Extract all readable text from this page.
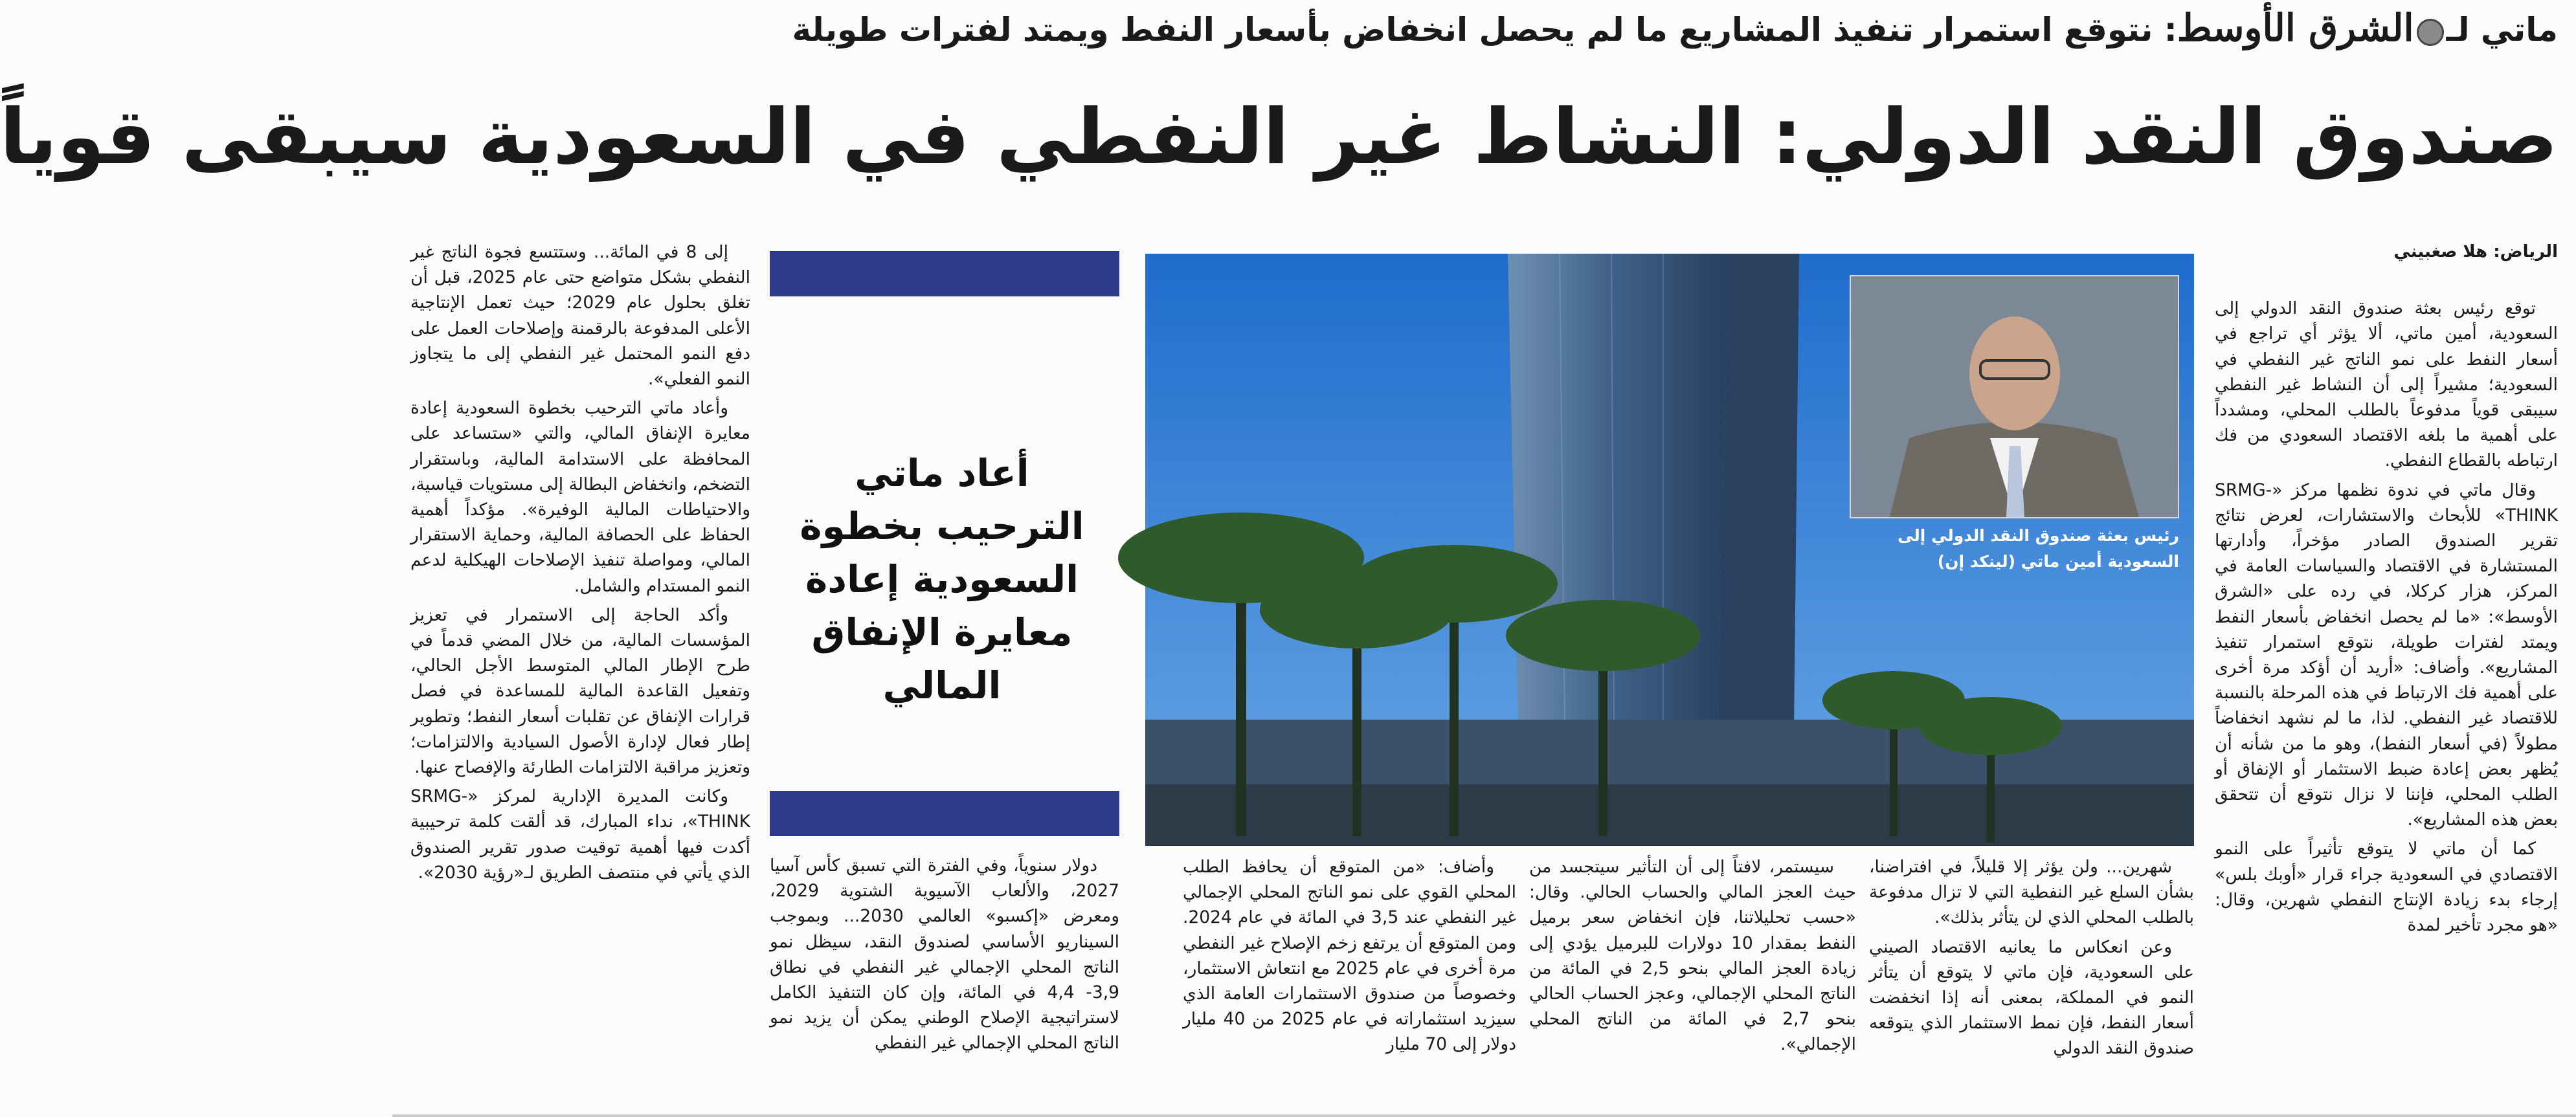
ماتي لـالشرق الأوسط: نتوقع استمرار تنفيذ المشاريع ما لم يحصل انخفاض بأسعار النفط ويمتد لفترات طويلة
صندوق النقد الدولي: النشاط غير النفطي في السعودية سيبقى قوياً
الرياض: هلا صغبيني

توقع رئيس بعثة صندوق النقد الدولي إلى السعودية، أمين ماتي، ألا يؤثر أي تراجع في أسعار النفط على نمو الناتج غير النفطي في السعودية؛ مشيراً إلى أن النشاط غير النفطي سيبقى قوياً مدفوعاً بالطلب المحلي، ومشدداً على أهمية ما بلغه الاقتصاد السعودي من فك ارتباطه بالقطاع النفطي.

وقال ماتي في ندوة نظمها مركز «SRMG-THINK» للأبحاث والاستشارات، لعرض نتائج تقرير الصندوق الصادر مؤخراً، وأدارتها المستشارة في الاقتصاد والسياسات العامة في المركز، هزار كركلا، في رده على «الشرق الأوسط»: «ما لم يحصل انخفاض بأسعار النفط ويمتد لفترات طويلة، نتوقع استمرار تنفيذ المشاريع». وأضاف: «أريد أن أؤكد مرة أخرى على أهمية فك الارتباط في هذه المرحلة بالنسبة للاقتصاد غير النفطي. لذا، ما لم نشهد انخفاضاً مطولاً (في أسعار النفط)، وهو ما من شأنه أن يُظهر بعض إعادة ضبط الاستثمار أو الإنفاق أو الطلب المحلي، فإننا لا نزال نتوقع أن تتحقق بعض هذه المشاريع».

كما أن ماتي لا يتوقع تأثيراً على النمو الاقتصادي في السعودية جراء قرار «أوبك بلس» إرجاء بدء زيادة الإنتاج النفطي شهرين، وقال: «هو مجرد تأخير لمدة

رئيس بعثة صندوق النقد الدولي إلى السعودية أمين ماتي (لينكد إن)

شهرين... ولن يؤثر إلا قليلاً، في افتراضنا، بشأن السلع غير النفطية التي لا تزال مدفوعة بالطلب المحلي الذي لن يتأثر بذلك».

وعن انعكاس ما يعانيه الاقتصاد الصيني على السعودية، فإن ماتي لا يتوقع أن يتأثر النمو في المملكة، بمعنى أنه إذا انخفضت أسعار النفط، فإن نمط الاستثمار الذي يتوقعه صندوق النقد الدولي

سيستمر، لافتاً إلى أن التأثير سيتجسد من حيث العجز المالي والحساب الحالي. وقال: «حسب تحليلاتنا، فإن انخفاض سعر برميل النفط بمقدار 10 دولارات للبرميل يؤدي إلى زيادة العجز المالي بنحو 2,5 في المائة من الناتج المحلي الإجمالي، وعجز الحساب الحالي بنحو 2,7 في المائة من الناتج المحلي الإجمالي».

وأضاف: «من المتوقع أن يحافظ الطلب المحلي القوي على نمو الناتج المحلي الإجمالي غير النفطي عند 3,5 في المائة في عام 2024. ومن المتوقع أن يرتفع زخم الإصلاح غير النفطي مرة أخرى في عام 2025 مع انتعاش الاستثمار، وخصوصاً من صندوق الاستثمارات العامة الذي سيزيد استثماراته في عام 2025 من 40 مليار دولار إلى 70 مليار

أعاد ماتي الترحيب بخطوة السعودية إعادة معايرة الإنفاق المالي

دولار سنوياً، وفي الفترة التي تسبق كأس آسيا 2027، والألعاب الآسيوية الشتوية 2029، ومعرض «إكسبو» العالمي 2030... وبموجب السيناريو الأساسي لصندوق النقد، سيظل نمو الناتج المحلي الإجمالي غير النفطي في نطاق 3,9- 4,4 في المائة، وإن كان التنفيذ الكامل لاستراتيجية الإصلاح الوطني يمكن أن يزيد نمو الناتج المحلي الإجمالي غير النفطي

إلى 8 في المائة... وستتسع فجوة الناتج غير النفطي بشكل متواضع حتى عام 2025، قبل أن تغلق بحلول عام 2029؛ حيث تعمل الإنتاجية الأعلى المدفوعة بالرقمنة وإصلاحات العمل على دفع النمو المحتمل غير النفطي إلى ما يتجاوز النمو الفعلي».

وأعاد ماتي الترحيب بخطوة السعودية إعادة معايرة الإنفاق المالي، والتي «ستساعد على المحافظة على الاستدامة المالية، وباستقرار التضخم، وانخفاض البطالة إلى مستويات قياسية، والاحتياطات المالية الوفيرة». مؤكداً أهمية الحفاظ على الحصافة المالية، وحماية الاستقرار المالي، ومواصلة تنفيذ الإصلاحات الهيكلية لدعم النمو المستدام والشامل.

وأكد الحاجة إلى الاستمرار في تعزيز المؤسسات المالية، من خلال المضي قدماً في طرح الإطار المالي المتوسط الأجل الحالي، وتفعيل القاعدة المالية للمساعدة في فصل قرارات الإنفاق عن تقلبات أسعار النفط؛ وتطوير إطار فعال لإدارة الأصول السيادية والالتزامات؛ وتعزيز مراقبة الالتزامات الطارئة والإفصاح عنها.

وكانت المديرة الإدارية لمركز «SRMG-THINK»، نداء المبارك، قد ألقت كلمة ترحيبية أكدت فيها أهمية توقيت صدور تقرير الصندوق الذي يأتي في منتصف الطريق لـ«رؤية 2030».
